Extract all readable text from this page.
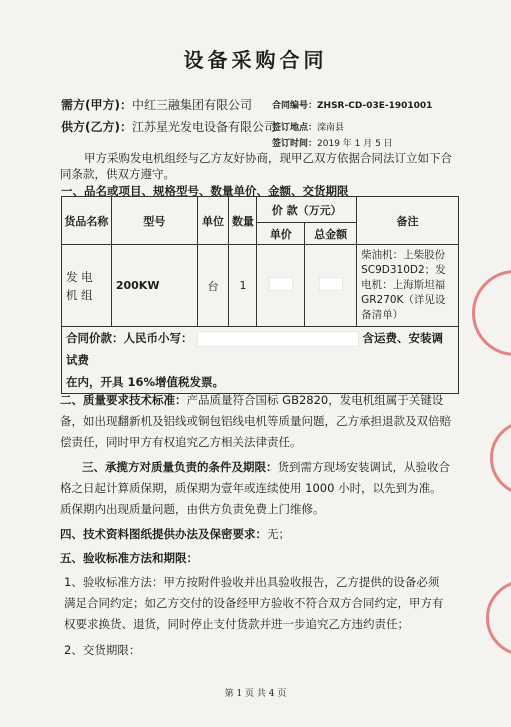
设备采购合同
需方(甲方)：中红三融集团有限公司 合同编号：ZHSR-CD-03E-1901001
供方(乙方)：江苏星光发电设备有限公司
签订地点：滦南县
签订时间：2019 年 1 月 5 日
甲方采购发电机组经与乙方友好协商，现甲乙双方依据合同法订立如下合同条款，供双方遵守。
一、品名或项目、规格型号、数量单价、金额、交货期限
货品名称	型号	单位	数量	价 款（万元）		备注
				单价	总金额	
发 电 机 组	200KW	台	1			柴油机：上柴股份 SC9D310D2；发电机：上海斯坦福 GR270K（详见设备清单）
合同价款：人民币小写： 含运费、安装调试费
在内，开具 16%增值税发票。						
二、质量要求技术标准：产品质量符合国标 GB2820，发电机组属于关键设备，如出现翻新机及铝线或铜包铝线电机等质量问题，乙方承担退款及双倍赔偿责任，同时甲方有权追究乙方相关法律责任。
三、承揽方对质量负责的条件及期限：货到需方现场安装调试，从验收合格之日起计算质保期，质保期为壹年或连续使用 1000 小时，以先到为准。质保期内出现质量问题，由供方负责免费上门维修。
四、技术资料图纸提供办法及保密要求：无；
五、验收标准方法和期限：
1、验收标准方法：甲方按附件验收并出具验收报告，乙方提供的设备必须满足合同约定；如乙方交付的设备经甲方验收不符合双方合同约定，甲方有权要求换货、退货，同时停止支付货款并进一步追究乙方违约责任；
2、交货期限：
第 1 页 共 4 页
